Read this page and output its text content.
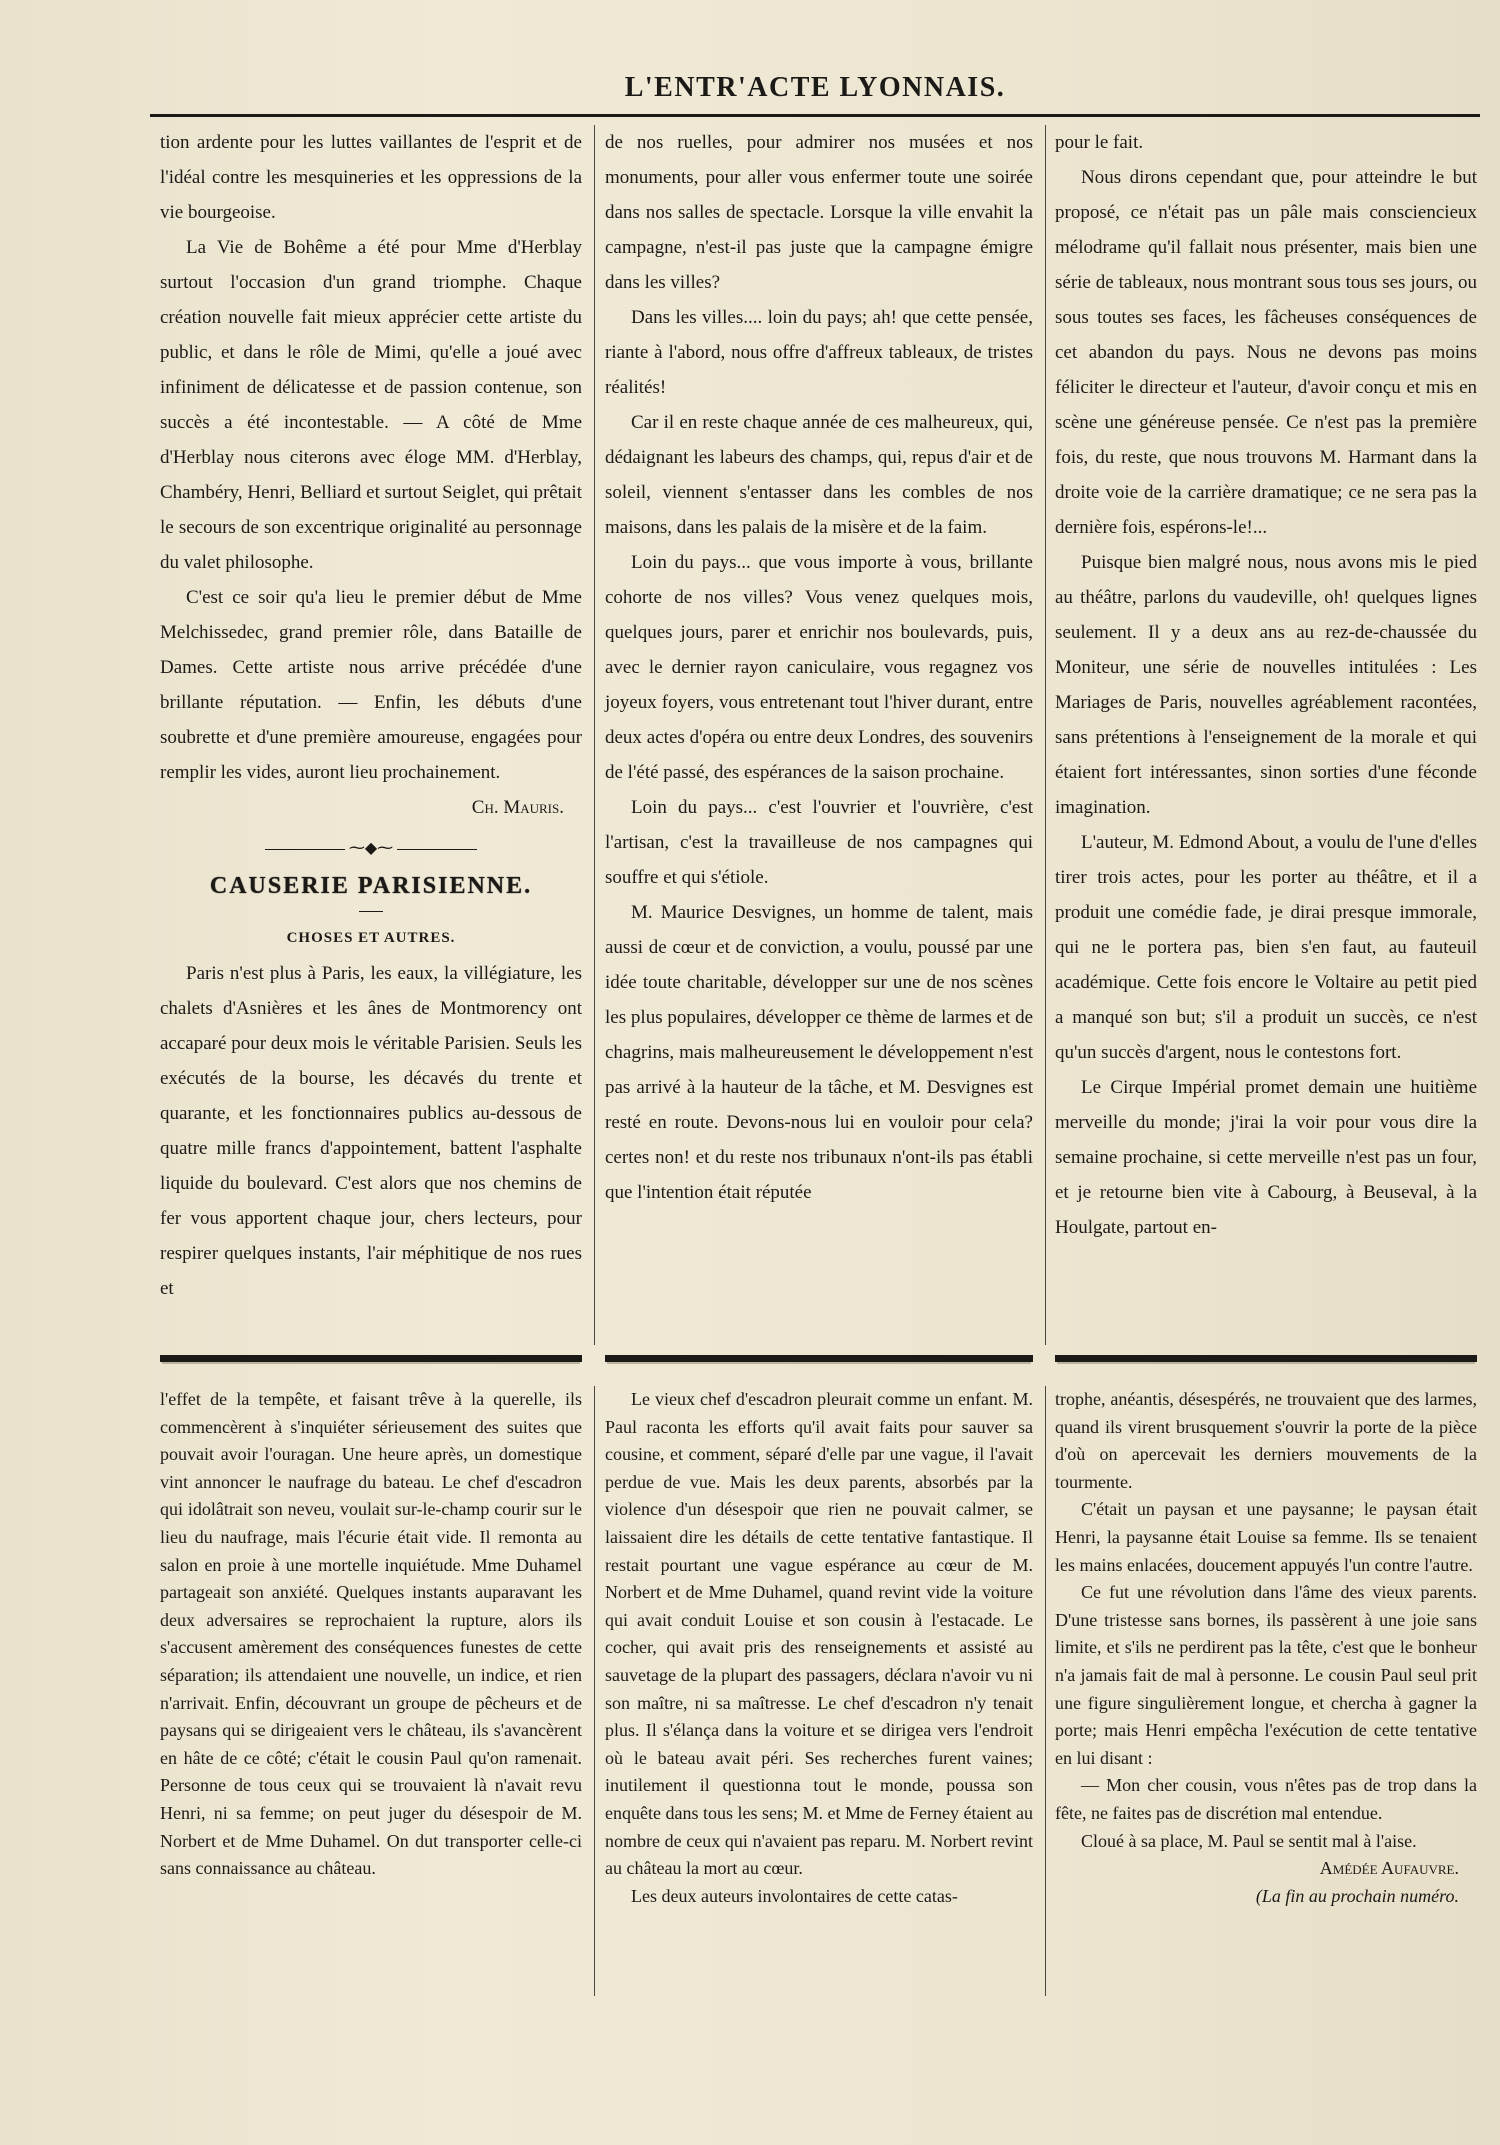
L'ENTR'ACTE LYONNAIS.

tion ardente pour les luttes vaillantes de l'esprit et de l'idéal contre les mesquineries et les oppressions de la vie bourgeoise.

La Vie de Bohême a été pour Mme d'Herblay surtout l'occasion d'un grand triomphe. Chaque création nouvelle fait mieux apprécier cette artiste du public, et dans le rôle de Mimi, qu'elle a joué avec infiniment de délicatesse et de passion contenue, son succès a été incontestable. — A côté de Mme d'Herblay nous citerons avec éloge MM. d'Herblay, Chambéry, Henri, Belliard et surtout Seiglet, qui prêtait le secours de son excentrique originalité au personnage du valet philosophe.

C'est ce soir qu'a lieu le premier début de Mme Melchissedec, grand premier rôle, dans Bataille de Dames. Cette artiste nous arrive précédée d'une brillante réputation. — Enfin, les débuts d'une soubrette et d'une première amoureuse, engagées pour remplir les vides, auront lieu prochainement.

Ch. Mauris.
⁓◆⁓
CAUSERIE PARISIENNE.
CHOSES ET AUTRES.

Paris n'est plus à Paris, les eaux, la villégiature, les chalets d'Asnières et les ânes de Montmorency ont accaparé pour deux mois le véritable Parisien. Seuls les exécutés de la bourse, les décavés du trente et quarante, et les fonctionnaires publics au-dessous de quatre mille francs d'appointement, battent l'asphalte liquide du boulevard. C'est alors que nos chemins de fer vous apportent chaque jour, chers lecteurs, pour respirer quelques instants, l'air méphitique de nos rues et

de nos ruelles, pour admirer nos musées et nos monuments, pour aller vous enfermer toute une soirée dans nos salles de spectacle. Lorsque la ville envahit la campagne, n'est-il pas juste que la campagne émigre dans les villes?

Dans les villes.... loin du pays; ah! que cette pensée, riante à l'abord, nous offre d'affreux tableaux, de tristes réalités!

Car il en reste chaque année de ces malheureux, qui, dédaignant les labeurs des champs, qui, repus d'air et de soleil, viennent s'entasser dans les combles de nos maisons, dans les palais de la misère et de la faim.

Loin du pays... que vous importe à vous, brillante cohorte de nos villes? Vous venez quelques mois, quelques jours, parer et enrichir nos boulevards, puis, avec le dernier rayon caniculaire, vous regagnez vos joyeux foyers, vous entretenant tout l'hiver durant, entre deux actes d'opéra ou entre deux Londres, des souvenirs de l'été passé, des espérances de la saison prochaine.

Loin du pays... c'est l'ouvrier et l'ouvrière, c'est l'artisan, c'est la travailleuse de nos campagnes qui souffre et qui s'étiole.

M. Maurice Desvignes, un homme de talent, mais aussi de cœur et de conviction, a voulu, poussé par une idée toute charitable, développer sur une de nos scènes les plus populaires, développer ce thème de larmes et de chagrins, mais malheureusement le développement n'est pas arrivé à la hauteur de la tâche, et M. Desvignes est resté en route. Devons-nous lui en vouloir pour cela? certes non! et du reste nos tribunaux n'ont-ils pas établi que l'intention était réputée

pour le fait.

Nous dirons cependant que, pour atteindre le but proposé, ce n'était pas un pâle mais consciencieux mélodrame qu'il fallait nous présenter, mais bien une série de tableaux, nous montrant sous tous ses jours, ou sous toutes ses faces, les fâcheuses conséquences de cet abandon du pays. Nous ne devons pas moins féliciter le directeur et l'auteur, d'avoir conçu et mis en scène une généreuse pensée. Ce n'est pas la première fois, du reste, que nous trouvons M. Harmant dans la droite voie de la carrière dramatique; ce ne sera pas la dernière fois, espérons-le!...

Puisque bien malgré nous, nous avons mis le pied au théâtre, parlons du vaudeville, oh! quelques lignes seulement. Il y a deux ans au rez-de-chaussée du Moniteur, une série de nouvelles intitulées : Les Mariages de Paris, nouvelles agréablement racontées, sans prétentions à l'enseignement de la morale et qui étaient fort intéressantes, sinon sorties d'une féconde imagination.

L'auteur, M. Edmond About, a voulu de l'une d'elles tirer trois actes, pour les porter au théâtre, et il a produit une comédie fade, je dirai presque immorale, qui ne le portera pas, bien s'en faut, au fauteuil académique. Cette fois encore le Voltaire au petit pied a manqué son but; s'il a produit un succès, ce n'est qu'un succès d'argent, nous le contestons fort.

Le Cirque Impérial promet demain une huitième merveille du monde; j'irai la voir pour vous dire la semaine prochaine, si cette merveille n'est pas un four, et je retourne bien vite à Cabourg, à Beuseval, à la Houlgate, partout en-

l'effet de la tempête, et faisant trêve à la querelle, ils commencèrent à s'inquiéter sérieusement des suites que pouvait avoir l'ouragan. Une heure après, un domestique vint annoncer le naufrage du bateau. Le chef d'escadron qui idolâtrait son neveu, voulait sur-le-champ courir sur le lieu du naufrage, mais l'écurie était vide. Il remonta au salon en proie à une mortelle inquiétude. Mme Duhamel partageait son anxiété. Quelques instants auparavant les deux adversaires se reprochaient la rupture, alors ils s'accusent amèrement des conséquences funestes de cette séparation; ils attendaient une nouvelle, un indice, et rien n'arrivait. Enfin, découvrant un groupe de pêcheurs et de paysans qui se dirigeaient vers le château, ils s'avancèrent en hâte de ce côté; c'était le cousin Paul qu'on ramenait. Personne de tous ceux qui se trouvaient là n'avait revu Henri, ni sa femme; on peut juger du désespoir de M. Norbert et de Mme Duhamel. On dut transporter celle-ci sans connaissance au château.

Le vieux chef d'escadron pleurait comme un enfant. M. Paul raconta les efforts qu'il avait faits pour sauver sa cousine, et comment, séparé d'elle par une vague, il l'avait perdue de vue. Mais les deux parents, absorbés par la violence d'un désespoir que rien ne pouvait calmer, se laissaient dire les détails de cette tentative fantastique. Il restait pourtant une vague espérance au cœur de M. Norbert et de Mme Duhamel, quand revint vide la voiture qui avait conduit Louise et son cousin à l'estacade. Le cocher, qui avait pris des renseignements et assisté au sauvetage de la plupart des passagers, déclara n'avoir vu ni son maître, ni sa maîtresse. Le chef d'escadron n'y tenait plus. Il s'élança dans la voiture et se dirigea vers l'endroit où le bateau avait péri. Ses recherches furent vaines; inutilement il questionna tout le monde, poussa son enquête dans tous les sens; M. et Mme de Ferney étaient au nombre de ceux qui n'avaient pas reparu. M. Norbert revint au château la mort au cœur.

Les deux auteurs involontaires de cette catas-

trophe, anéantis, désespérés, ne trouvaient que des larmes, quand ils virent brusquement s'ouvrir la porte de la pièce d'où on apercevait les derniers mouvements de la tourmente.

C'était un paysan et une paysanne; le paysan était Henri, la paysanne était Louise sa femme. Ils se tenaient les mains enlacées, doucement appuyés l'un contre l'autre.

Ce fut une révolution dans l'âme des vieux parents. D'une tristesse sans bornes, ils passèrent à une joie sans limite, et s'ils ne perdirent pas la tête, c'est que le bonheur n'a jamais fait de mal à personne. Le cousin Paul seul prit une figure singulièrement longue, et chercha à gagner la porte; mais Henri empêcha l'exécution de cette tentative en lui disant :

— Mon cher cousin, vous n'êtes pas de trop dans la fête, ne faites pas de discrétion mal entendue.

Cloué à sa place, M. Paul se sentit mal à l'aise.

Amédée Aufauvre.
(La fin au prochain numéro.
